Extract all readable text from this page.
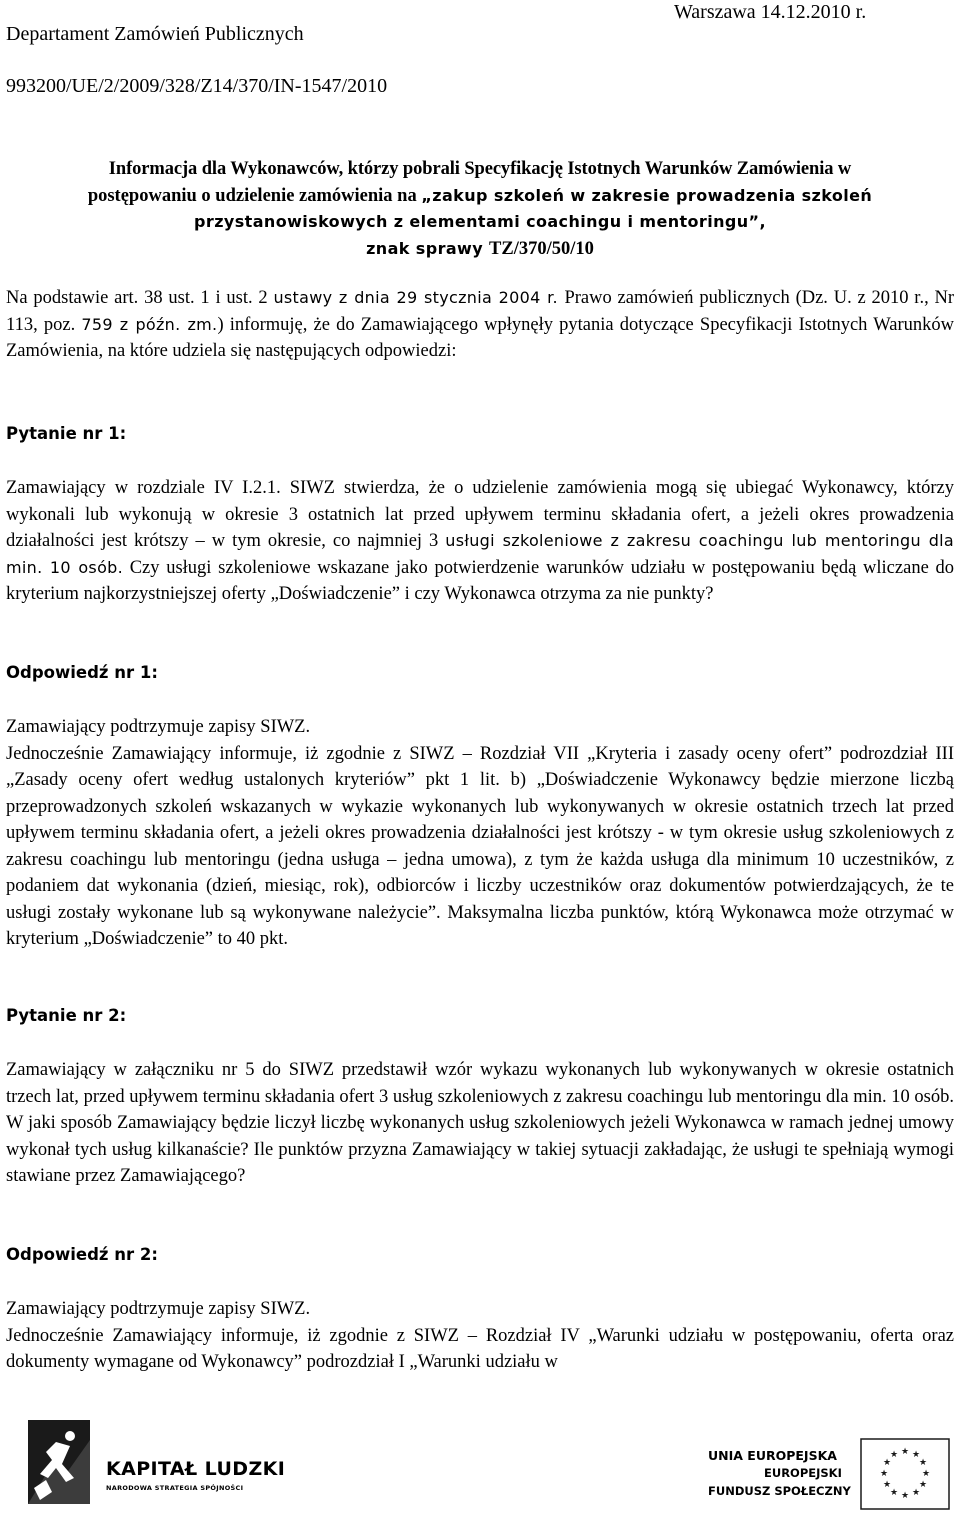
Departament Zamówień Publicznych
Warszawa 14.12.2010 r.
993200/UE/2/2009/328/Z14/370/IN-1547/2010
Informacja dla Wykonawców, którzy pobrali Specyfikację Istotnych Warunków Zamówienia w
postępowaniu o udzielenie zamówienia na „zakup szkoleń w zakresie prowadzenia szkoleń
przystanowiskowych z elementami coachingu i mentoringu”,
znak sprawy TZ/370/50/10

Na podstawie art. 38 ust. 1 i ust. 2 ustawy z dnia 29 stycznia 2004 r. Prawo zamówień publicznych (Dz. U. z 2010 r., Nr 113, poz. 759 z późn. zm.) informuję, że do Zamawiającego wpłynęły pytania dotyczące Specyfikacji Istotnych Warunków Zamówienia, na które udziela się następujących odpowiedzi:

Pytanie nr 1:

Zamawiający w rozdziale IV I.2.1. SIWZ stwierdza, że o udzielenie zamówienia mogą się ubiegać Wykonawcy, którzy wykonali lub wykonują w okresie 3 ostatnich lat przed upływem terminu składania ofert, a jeżeli okres prowadzenia działalności jest krótszy – w tym okresie, co najmniej 3 usługi szkoleniowe z zakresu coachingu lub mentoringu dla min. 10 osób. Czy usługi szkoleniowe wskazane jako potwierdzenie warunków udziału w postępowaniu będą wliczane do kryterium najkorzystniejszej oferty „Doświadczenie” i czy Wykonawca otrzyma za nie punkty?

Odpowiedź nr 1:

Zamawiający podtrzymuje zapisy SIWZ.

Jednocześnie Zamawiający informuje, iż zgodnie z SIWZ – Rozdział VII „Kryteria i zasady oceny ofert” podrozdział III „Zasady oceny ofert według ustalonych kryteriów” pkt 1 lit. b) „Doświadczenie Wykonawcy będzie mierzone liczbą przeprowadzonych szkoleń wskazanych w wykazie wykonanych lub wykonywanych w okresie ostatnich trzech lat przed upływem terminu składania ofert, a jeżeli okres prowadzenia działalności jest krótszy - w tym okresie usług szkoleniowych z zakresu coachingu lub mentoringu (jedna usługa – jedna umowa), z tym że każda usługa dla minimum 10 uczestników, z podaniem dat wykonania (dzień, miesiąc, rok), odbiorców i liczby uczestników oraz dokumentów potwierdzających, że te usługi zostały wykonane lub są wykonywane należycie”. Maksymalna liczba punktów, którą Wykonawca może otrzymać w kryterium „Doświadczenie” to 40 pkt.

Pytanie nr 2:

Zamawiający w załączniku nr 5 do SIWZ przedstawił wzór wykazu wykonanych lub wykonywanych w okresie ostatnich trzech lat, przed upływem terminu składania ofert 3 usług szkoleniowych z zakresu coachingu lub mentoringu dla min. 10 osób. W jaki sposób Zamawiający będzie liczył liczbę wykonanych usług szkoleniowych jeżeli Wykonawca w ramach jednej umowy wykonał tych usług kilkanaście? Ile punktów przyzna Zamawiający w takiej sytuacji zakładając, że usługi te spełniają wymogi stawiane przez Zamawiającego?

Odpowiedź nr 2:

Zamawiający podtrzymuje zapisy SIWZ.

Jednocześnie Zamawiający informuje, iż zgodnie z SIWZ – Rozdział IV „Warunki udziału w postępowaniu, oferta oraz dokumenty wymagane od Wykonawcy” podrozdział I „Warunki udziału w

KAPITAŁ LUDZKI
NARODOWA STRATEGIA SPÓJNOŚCI
UNIA EUROPEJSKA
EUROPEJSKI
FUNDUSZ SPOŁECZNY
★ ★
★
★
★
★
★
★
★
★
★
★
